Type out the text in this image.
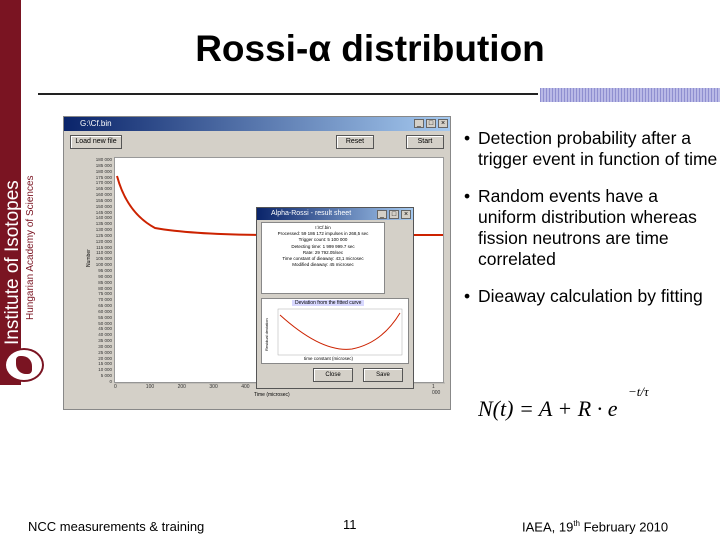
Institute of Isotopes Hungarian Academy of Sciences
Rossi-α distribution
G:\Cf.bin	_	□	×
Load new file	Reset	Start
180 000
185 000
180 000
175 000
170 000
165 000
160 000
155 000
150 000
145 000
140 000
135 000
130 000
125 000
120 000
115 000
110 000
105 000
100 000
95 000
90 000
85 000
80 000
75 000
70 000
65 000
60 000
55 000
50 000
45 000
40 000
35 000
30 000
25 000
20 000
15 000
10 000
5 000
0
0	100	200	300	400	1 000
Time (microsec)
Number
Alpha-Rossi - result sheet	_	□	×
I:\Cf.bin
Processed: 59 186 172 impulses in 268,5 sec
Trigger count: 5 100 000
Detecting time: 1 999 999.7 sec
Rate: 29 792.05/sec
Time constant of dieaway: 43,1 microsec
Modified dieaway: 45 microsec
Deviation from the fitted curve
Residual deviation
time constant (microsec)
Close	Save
• Detection probability after a trigger event in function of time
• Random events have a uniform distribution whereas fission neutrons are time correlated
• Dieaway calculation by fitting
N(t) = A + R · e
−t/τ
NCC measurements & training	11	IAEA, 19th February 2010
